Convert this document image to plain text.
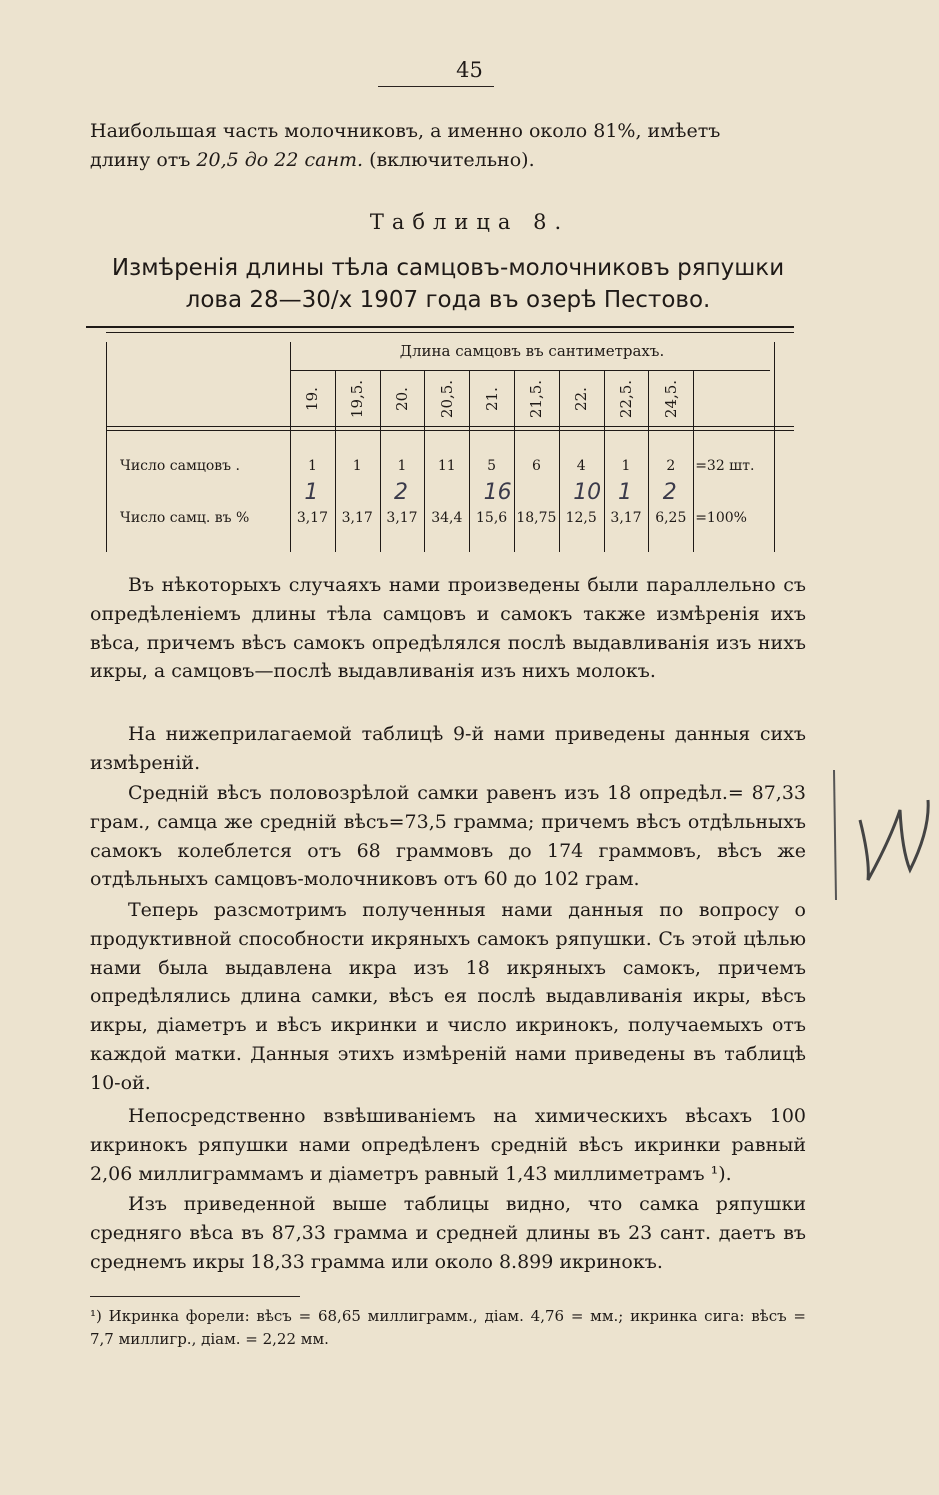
45

Наибольшая часть молочниковъ, а именно около 81%, имѣетъ
длину отъ 20,5 до 22 сант. (включительно).

Таблица 8.
Измѣренія длины тѣла самцовъ-молочниковъ ряпушки
лова 28—30/x 1907 года въ озерѣ Пестово.
Длина самцовъ въ сантиметрахъ.
19. 19,5. 20. 20,5. 21. 21,5. 22. 22,5. 24,5.
Число самцовъ .	1	1	1	11	5	6	4	1	2	=32 шт.
Число самц. въ %	3,17 3,17 3,17 34,4 15,6 18,75 12,5 3,17 6,25 =100%
1	2	16	10 1 2

Въ нѣкоторыхъ случаяхъ нами произведены были параллельно съ опредѣленіемъ длины тѣла самцовъ и самокъ также измѣренія ихъ вѣса, причемъ вѣсъ самокъ опредѣлялся послѣ выдавливанія изъ нихъ икры, а самцовъ—послѣ выдавливанія изъ нихъ молокъ.

На нижеприлагаемой таблицѣ 9-й нами приведены данныя сихъ измѣреній.

Средній вѣсъ половозрѣлой самки равенъ изъ 18 опредѣл.= 87,33 грам., самца же средній вѣсъ=73,5 грамма; причемъ вѣсъ отдѣльныхъ самокъ колеблется отъ 68 граммовъ до 174 граммовъ, вѣсъ же отдѣльныхъ самцовъ-молочниковъ отъ 60 до 102 грам.

Теперь разсмотримъ полученныя нами данныя по вопросу о продуктивной способности икряныхъ самокъ ряпушки. Съ этой цѣлью нами была выдавлена икра изъ 18 икряныхъ самокъ, причемъ опредѣлялись длина самки, вѣсъ ея послѣ выдавливанія икры, вѣсъ икры, діаметръ и вѣсъ икринки и число икринокъ, получаемыхъ отъ каждой матки. Данныя этихъ измѣреній нами приведены въ таблицѣ 10-ой.

Непосредственно взвѣшиваніемъ на химическихъ вѣсахъ 100 икринокъ ряпушки нами опредѣленъ средній вѣсъ икринки равный 2,06 миллиграммамъ и діаметръ равный 1,43 миллиметрамъ ¹).

Изъ приведенной выше таблицы видно, что самка ряпушки средняго вѣса въ 87,33 грамма и средней длины въ 23 сант. даетъ въ среднемъ икры 18,33 грамма или около 8.899 икринокъ.

¹) Икринка форели: вѣсъ = 68,65 миллиграмм., діам. 4,76 = мм.; икринка сига: вѣсъ = 7,7 миллигр., діам. = 2,22 мм.
